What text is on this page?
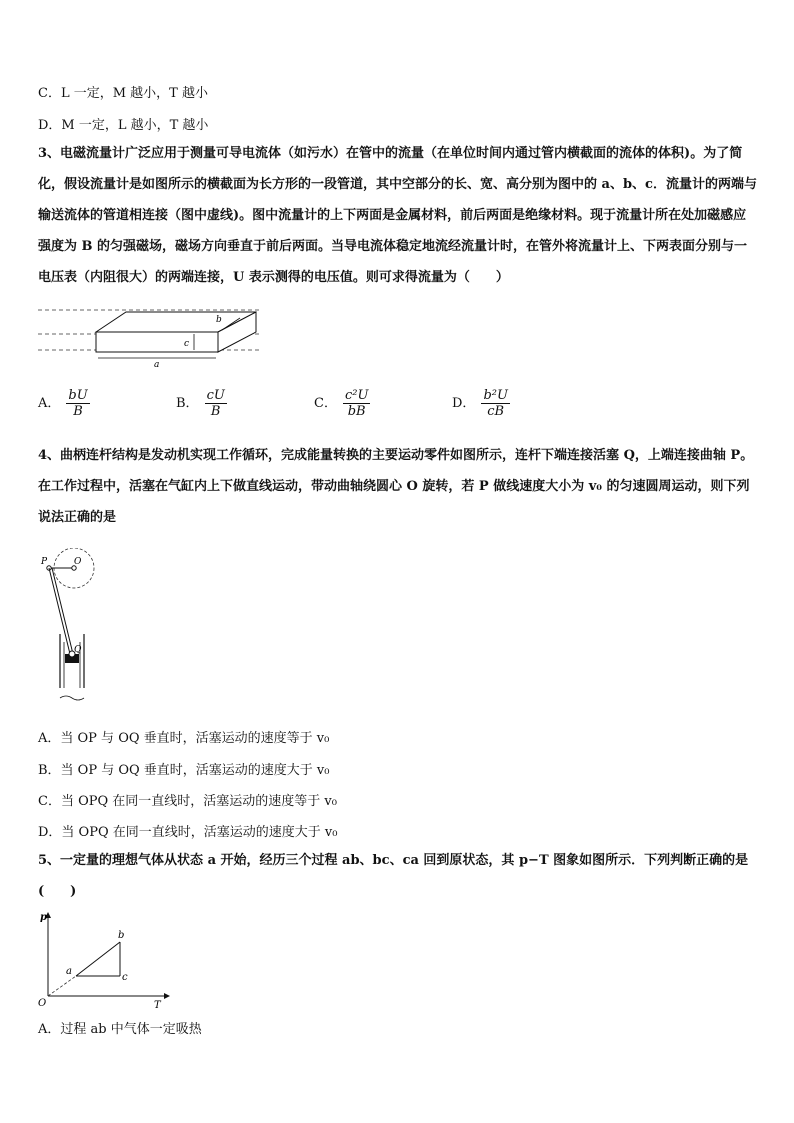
C．L 一定，M 越小，T 越小
D．M 一定，L 越小，T 越小
3、电磁流量计广泛应用于测量可导电流体（如污水）在管中的流量（在单位时间内通过管内横截面的流体的体积)。为了简化，假设流量计是如图所示的横截面为长方形的一段管道，其中空部分的长、宽、高分别为图中的 a、b、c．流量计的两端与输送流体的管道相连接（图中虚线)。图中流量计的上下两面是金属材料，前后两面是绝缘材料。现于流量计所在处加磁感应强度为 B 的匀强磁场，磁场方向垂直于前后两面。当导电流体稳定地流经流量计时，在管外将流量计上、下两表面分别与一电压表（内阻很大）的两端连接，U 表示测得的电压值。则可求得流量为（　　）
c
b
a
A． $\frac{bU}{B}$	B． $\frac{cU}{B}$	C． $\frac{\text{c²U}}{bB}$	D． $\frac{\text{b²U}}{cB}$
4、曲柄连杆结构是发动机实现工作循环，完成能量转换的主要运动零件如图所示，连杆下端连接活塞 Q，上端连接曲轴 P。在工作过程中，活塞在气缸内上下做直线运动，带动曲轴绕圆心 O 旋转，若 P 做线速度大小为 v₀ 的匀速圆周运动，则下列说法正确的是
P	O
Q
A．当 OP 与 OQ 垂直时，活塞运动的速度等于 v₀
B．当 OP 与 OQ 垂直时，活塞运动的速度大于 v₀
C．当 OPQ 在同一直线时，活塞运动的速度等于 v₀
D．当 OPQ 在同一直线时，活塞运动的速度大于 v₀
5、一定量的理想气体从状态 a 开始，经历三个过程 ab、bc、ca 回到原状态，其 p−T 图象如图所示．下列判断正确的是(　　)
p
T
O
a
b
c
A．过程 ab 中气体一定吸热
